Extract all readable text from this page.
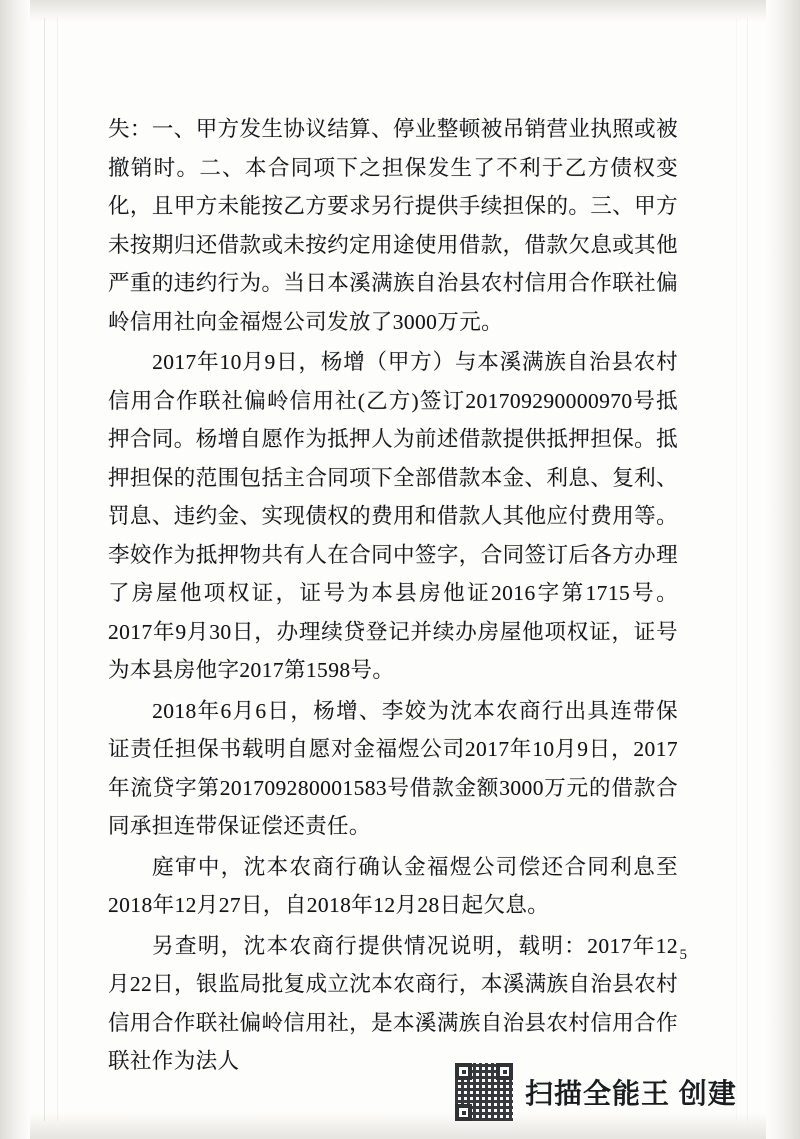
失：一、甲方发生协议结算、停业整顿被吊销营业执照或被撤销时。二、本合同项下之担保发生了不利于乙方债权变化，且甲方未能按乙方要求另行提供手续担保的。三、甲方未按期归还借款或未按约定用途使用借款，借款欠息或其他严重的违约行为。当日本溪满族自治县农村信用合作联社偏岭信用社向金福煜公司发放了3000万元。

2017年10月9日，杨增（甲方）与本溪满族自治县农村信用合作联社偏岭信用社(乙方)签订201709290000970号抵押合同。杨增自愿作为抵押人为前述借款提供抵押担保。抵押担保的范围包括主合同项下全部借款本金、利息、复利、罚息、违约金、实现债权的费用和借款人其他应付费用等。李姣作为抵押物共有人在合同中签字，合同签订后各方办理了房屋他项权证，证号为本县房他证2016字第1715号。2017年9月30日，办理续贷登记并续办房屋他项权证，证号为本县房他字2017第1598号。

2018年6月6日，杨增、李姣为沈本农商行出具连带保证责任担保书载明自愿对金福煜公司2017年10月9日，2017年流贷字第201709280001583号借款金额3000万元的借款合同承担连带保证偿还责任。

庭审中，沈本农商行确认金福煜公司偿还合同利息至2018年12月27日，自2018年12月28日起欠息。

另查明，沈本农商行提供情况说明，载明：2017年12月22日，银监局批复成立沈本农商行，本溪满族自治县农村信用合作联社偏岭信用社，是本溪满族自治县农村信用合作联社作为法人

5
扫描全能王 创建
